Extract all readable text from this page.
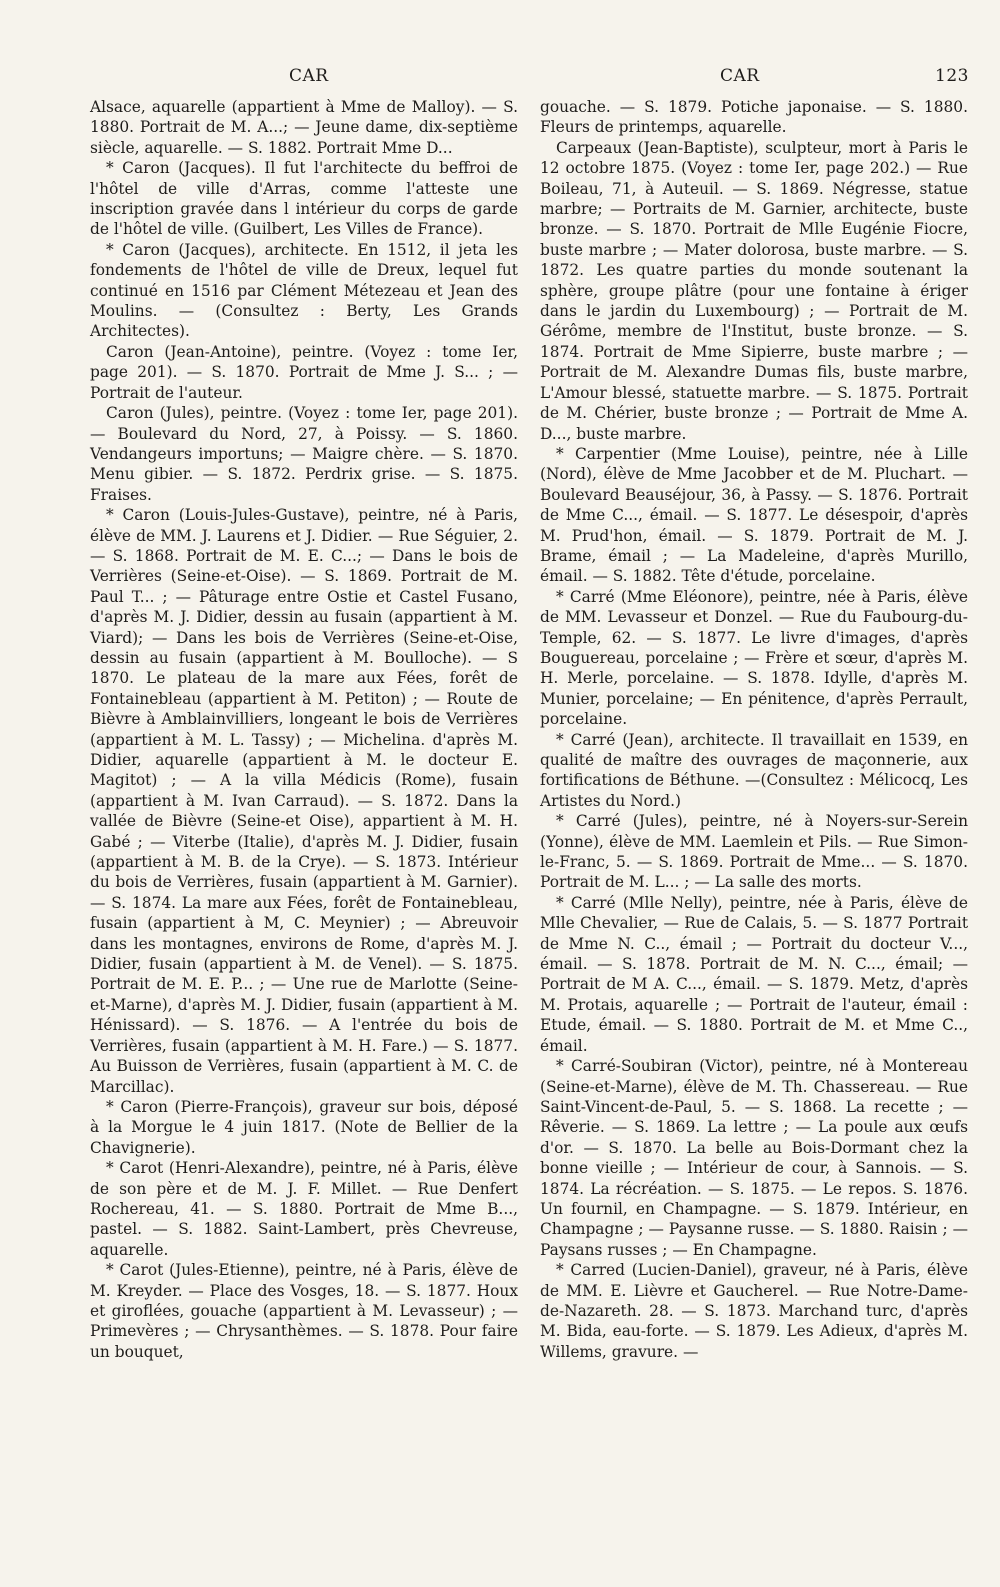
CAR	CAR	123

Alsace, aquarelle (appartient à Mme de Malloy). — S. 1880. Portrait de M. A...; — Jeune dame, dix-septième siècle, aquarelle. — S. 1882. Portrait Mme D...

* Caron (Jacques). Il fut l'architecte du beffroi de l'hôtel de ville d'Arras, comme l'atteste une inscription gravée dans l intérieur du corps de garde de l'hôtel de ville. (Guilbert, Les Villes de France).

* Caron (Jacques), architecte. En 1512, il jeta les fondements de l'hôtel de ville de Dreux, lequel fut continué en 1516 par Clément Métezeau et Jean des Moulins. — (Consultez : Berty, Les Grands Architectes).

Caron (Jean-Antoine), peintre. (Voyez : tome Ier, page 201). — S. 1870. Portrait de Mme J. S... ; — Portrait de l'auteur.

Caron (Jules), peintre. (Voyez : tome Ier, page 201). — Boulevard du Nord, 27, à Poissy. — S. 1860. Vendangeurs importuns; — Maigre chère. — S. 1870. Menu gibier. — S. 1872. Perdrix grise. — S. 1875. Fraises.

* Caron (Louis-Jules-Gustave), peintre, né à Paris, élève de MM. J. Laurens et J. Didier. — Rue Séguier, 2. — S. 1868. Portrait de M. E. C...; — Dans le bois de Verrières (Seine-et-Oise). — S. 1869. Portrait de M. Paul T... ; — Pâturage entre Ostie et Castel Fusano, d'après M. J. Didier, dessin au fusain (appartient à M. Viard); — Dans les bois de Verrières (Seine-et-Oise, dessin au fusain (appartient à M. Boulloche). — S 1870. Le plateau de la mare aux Fées, forêt de Fontainebleau (appartient à M. Petiton) ; — Route de Bièvre à Amblainvilliers, longeant le bois de Verrières (appartient à M. L. Tassy) ; — Michelina. d'après M. Didier, aquarelle (appartient à M. le docteur E. Magitot) ; — A la villa Médicis (Rome), fusain (appartient à M. Ivan Carraud). — S. 1872. Dans la vallée de Bièvre (Seine-et Oise), appartient à M. H. Gabé ; — Viterbe (Italie), d'après M. J. Didier, fusain (appartient à M. B. de la Crye). — S. 1873. Intérieur du bois de Verrières, fusain (appartient à M. Garnier). — S. 1874. La mare aux Fées, forêt de Fontainebleau, fusain (appartient à M, C. Meynier) ; — Abreuvoir dans les montagnes, environs de Rome, d'après M. J. Didier, fusain (appartient à M. de Venel). — S. 1875. Portrait de M. E. P... ; — Une rue de Marlotte (Seine-et-Marne), d'après M. J. Didier, fusain (appartient à M. Hénissard). — S. 1876. — A l'entrée du bois de Verrières, fusain (appartient à M. H. Fare.) — S. 1877. Au Buisson de Verrières, fusain (appartient à M. C. de Marcillac).

* Caron (Pierre-François), graveur sur bois, déposé à la Morgue le 4 juin 1817. (Note de Bellier de la Chavignerie).

* Carot (Henri-Alexandre), peintre, né à Paris, élève de son père et de M. J. F. Millet. — Rue Denfert Rochereau, 41. — S. 1880. Portrait de Mme B..., pastel. — S. 1882. Saint-Lambert, près Chevreuse, aquarelle.

* Carot (Jules-Etienne), peintre, né à Paris, élève de M. Kreyder. — Place des Vosges, 18. — S. 1877. Houx et giroflées, gouache (appartient à M. Levasseur) ; — Primevères ; — Chrysanthèmes. — S. 1878. Pour faire un bouquet,

gouache. — S. 1879. Potiche japonaise. — S. 1880. Fleurs de printemps, aquarelle.

Carpeaux (Jean-Baptiste), sculpteur, mort à Paris le 12 octobre 1875. (Voyez : tome Ier, page 202.) — Rue Boileau, 71, à Auteuil. — S. 1869. Négresse, statue marbre; — Portraits de M. Garnier, architecte, buste bronze. — S. 1870. Portrait de Mlle Eugénie Fiocre, buste marbre ; — Mater dolorosa, buste marbre. — S. 1872. Les quatre parties du monde soutenant la sphère, groupe plâtre (pour une fontaine à ériger dans le jardin du Luxembourg) ; — Portrait de M. Gérôme, membre de l'Institut, buste bronze. — S. 1874. Portrait de Mme Sipierre, buste marbre ; — Portrait de M. Alexandre Dumas fils, buste marbre, L'Amour blessé, statuette marbre. — S. 1875. Portrait de M. Chérier, buste bronze ; — Portrait de Mme A. D..., buste marbre.

* Carpentier (Mme Louise), peintre, née à Lille (Nord), élève de Mme Jacobber et de M. Pluchart. — Boulevard Beauséjour, 36, à Passy. — S. 1876. Portrait de Mme C..., émail. — S. 1877. Le désespoir, d'après M. Prud'hon, émail. — S. 1879. Portrait de M. J. Brame, émail ; — La Madeleine, d'après Murillo, émail. — S. 1882. Tête d'étude, porcelaine.

* Carré (Mme Eléonore), peintre, née à Paris, élève de MM. Levasseur et Donzel. — Rue du Faubourg-du-Temple, 62. — S. 1877. Le livre d'images, d'après Bouguereau, porcelaine ; — Frère et sœur, d'après M. H. Merle, porcelaine. — S. 1878. Idylle, d'après M. Munier, porcelaine; — En pénitence, d'après Perrault, porcelaine.

* Carré (Jean), architecte. Il travaillait en 1539, en qualité de maître des ouvrages de maçonnerie, aux fortifications de Béthune. —(Consultez : Mélicocq, Les Artistes du Nord.)

* Carré (Jules), peintre, né à Noyers-sur-Serein (Yonne), élève de MM. Laemlein et Pils. — Rue Simon-le-Franc, 5. — S. 1869. Portrait de Mme... — S. 1870. Portrait de M. L... ; — La salle des morts.

* Carré (Mlle Nelly), peintre, née à Paris, élève de Mlle Chevalier, — Rue de Calais, 5. — S. 1877 Portrait de Mme N. C.., émail ; — Portrait du docteur V..., émail. — S. 1878. Portrait de M. N. C..., émail; — Portrait de M A. C..., émail. — S. 1879. Metz, d'après M. Protais, aquarelle ; — Portrait de l'auteur, émail : Etude, émail. — S. 1880. Portrait de M. et Mme C.., émail.

* Carré-Soubiran (Victor), peintre, né à Montereau (Seine-et-Marne), élève de M. Th. Chassereau. — Rue Saint-Vincent-de-Paul, 5. — S. 1868. La recette ; — Rêverie. — S. 1869. La lettre ; — La poule aux œufs d'or. — S. 1870. La belle au Bois-Dormant chez la bonne vieille ; — Intérieur de cour, à Sannois. — S. 1874. La récréation. — S. 1875. — Le repos. S. 1876. Un fournil, en Champagne. — S. 1879. Intérieur, en Champagne ; — Paysanne russe. — S. 1880. Raisin ; — Paysans russes ; — En Champagne.

* Carred (Lucien-Daniel), graveur, né à Paris, élève de MM. E. Lièvre et Gaucherel. — Rue Notre-Dame-de-Nazareth. 28. — S. 1873. Marchand turc, d'après M. Bida, eau-forte. — S. 1879. Les Adieux, d'après M. Willems, gravure. —
